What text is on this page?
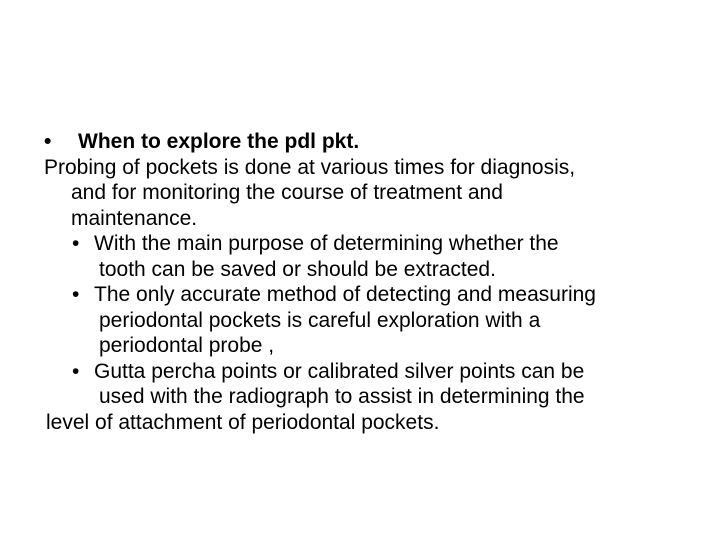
• When to explore the pdl pkt.
Probing of pockets is done at various times for diagnosis,
and for monitoring the course of treatment and
maintenance.
• With the main purpose of determining whether the
tooth can be saved or should be extracted.
• The only accurate method of detecting and measuring
periodontal pockets is careful exploration with a
periodontal probe ,
• Gutta percha points or calibrated silver points can be
used with the radiograph to assist in determining the
level of attachment of periodontal pockets.
